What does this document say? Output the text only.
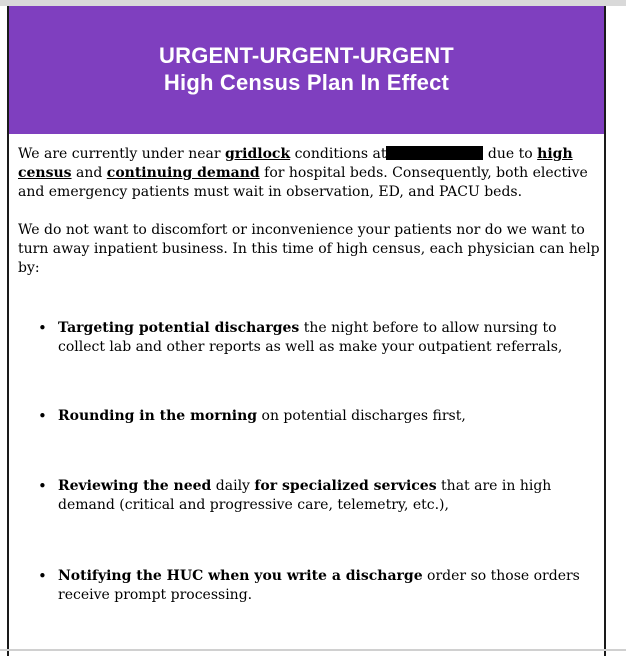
URGENT-URGENT-URGENT
High Census Plan In Effect
We are currently under near gridlock conditions at	due to high census and continuing demand for hospital beds. Consequently, both elective and emergency patients must wait in observation, ED, and PACU beds.
We do not want to discomfort or inconvenience your patients nor do we want to turn away inpatient business. In this time of high census, each physician can help by:
• Targeting potential discharges the night before to allow nursing to collect lab and other reports as well as make your outpatient referrals,
• Rounding in the morning on potential discharges first,
• Reviewing the need daily for specialized services that are in high demand (critical and progressive care, telemetry, etc.),
• Notifying the HUC when you write a discharge order so those orders receive prompt processing.
